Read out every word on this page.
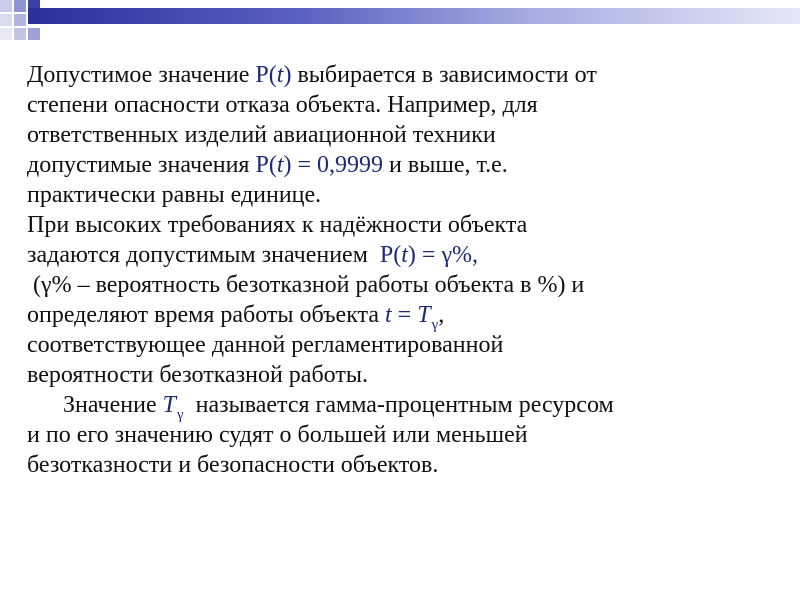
Допустимое значение P(t) выбирается в зависимости от
степени опасности отказа объекта. Например, для
ответственных изделий авиационной техники
допустимые значения P(t) = 0,9999 и выше, т.е.
практически равны единице.
При высоких требованиях к надёжности объекта
задаются допустимым значением  P(t) = γ%,
(γ% – вероятность безотказной работы объекта в %) и
определяют время работы объекта $t = T_\gamma$,
соответствующее данной регламентированной
вероятности безотказной работы.
Значение $T_\gamma$  называется гамма-процентным ресурсом
и по его значению судят о большей или меньшей
безотказности и безопасности объектов.
